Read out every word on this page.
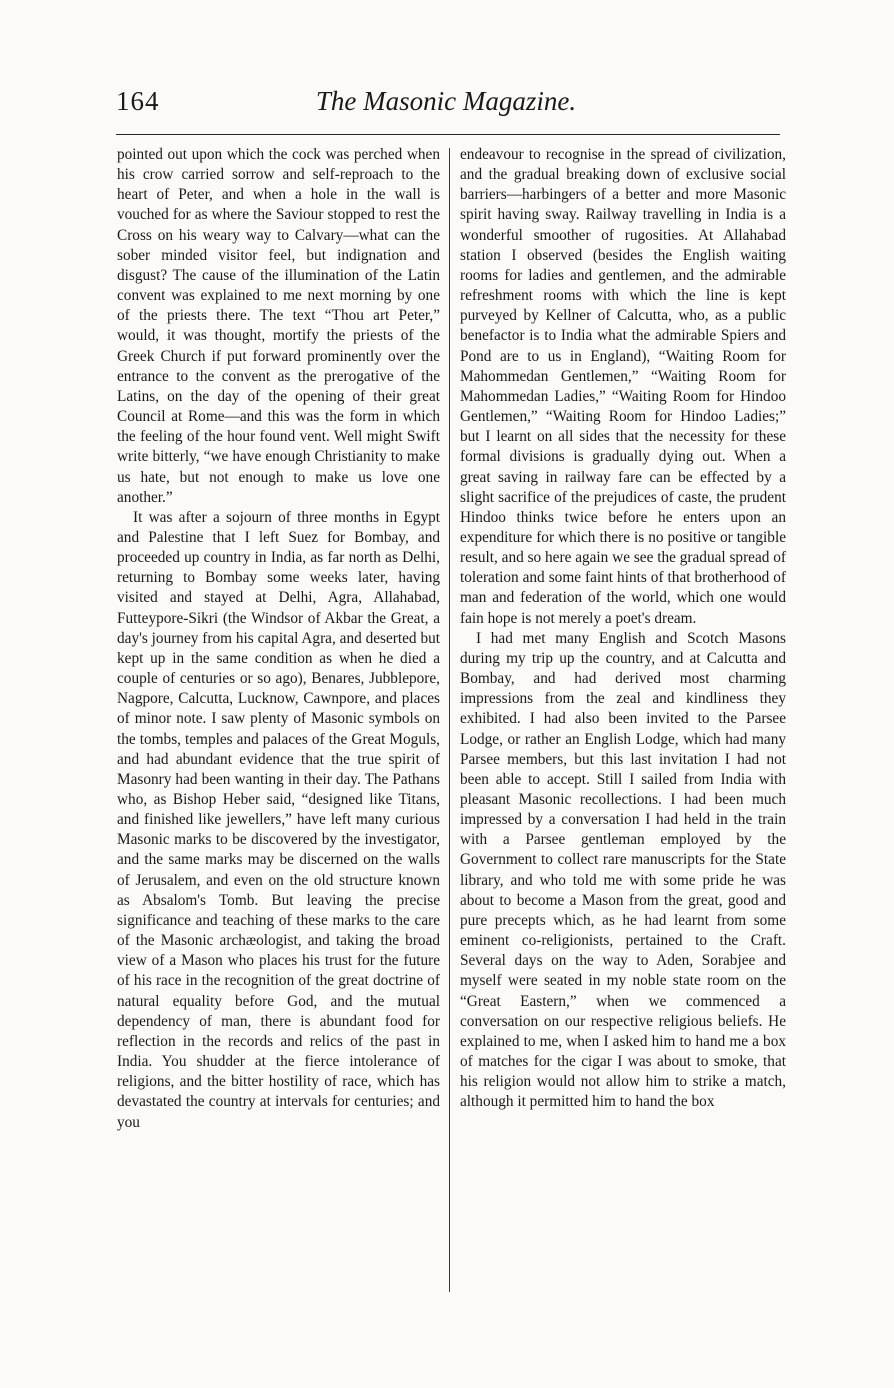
164	The Masonic Magazine.

pointed out upon which the cock was perched when his crow carried sorrow and self-reproach to the heart of Peter, and when a hole in the wall is vouched for as where the Saviour stopped to rest the Cross on his weary way to Calvary—what can the sober minded visitor feel, but indignation and disgust? The cause of the illumination of the Latin convent was explained to me next morning by one of the priests there. The text “Thou art Peter,” would, it was thought, mortify the priests of the Greek Church if put forward prominently over the entrance to the convent as the prerogative of the Latins, on the day of the opening of their great Council at Rome—and this was the form in which the feeling of the hour found vent. Well might Swift write bitterly, “we have enough Christianity to make us hate, but not enough to make us love one another.”

It was after a sojourn of three months in Egypt and Palestine that I left Suez for Bombay, and proceeded up country in India, as far north as Delhi, returning to Bombay some weeks later, having visited and stayed at Delhi, Agra, Allahabad, Futteypore-Sikri (the Windsor of Akbar the Great, a day's journey from his capital Agra, and deserted but kept up in the same condition as when he died a couple of centuries or so ago), Benares, Jubblepore, Nagpore, Calcutta, Lucknow, Cawnpore, and places of minor note. I saw plenty of Masonic symbols on the tombs, temples and palaces of the Great Moguls, and had abundant evidence that the true spirit of Masonry had been wanting in their day. The Pathans who, as Bishop Heber said, “designed like Titans, and finished like jewellers,” have left many curious Masonic marks to be discovered by the investigator, and the same marks may be discerned on the walls of Jerusalem, and even on the old structure known as Absalom's Tomb. But leaving the precise significance and teaching of these marks to the care of the Masonic archæologist, and taking the broad view of a Mason who places his trust for the future of his race in the recognition of the great doctrine of natural equality before God, and the mutual dependency of man, there is abundant food for reflection in the records and relics of the past in India. You shudder at the fierce intolerance of religions, and the bitter hostility of race, which has devastated the country at intervals for centuries; and you

endeavour to recognise in the spread of civilization, and the gradual breaking down of exclusive social barriers—harbingers of a better and more Masonic spirit having sway. Railway travelling in India is a wonderful smoother of rugosities. At Allahabad station I observed (besides the English waiting rooms for ladies and gentlemen, and the admirable refreshment rooms with which the line is kept purveyed by Kellner of Calcutta, who, as a public benefactor is to India what the admirable Spiers and Pond are to us in England), “Waiting Room for Mahommedan Gentlemen,” “Waiting Room for Mahommedan Ladies,” “Waiting Room for Hindoo Gentlemen,” “Waiting Room for Hindoo Ladies;” but I learnt on all sides that the necessity for these formal divisions is gradually dying out. When a great saving in railway fare can be effected by a slight sacrifice of the prejudices of caste, the prudent Hindoo thinks twice before he enters upon an expenditure for which there is no positive or tangible result, and so here again we see the gradual spread of toleration and some faint hints of that brotherhood of man and federation of the world, which one would fain hope is not merely a poet's dream.

I had met many English and Scotch Masons during my trip up the country, and at Calcutta and Bombay, and had derived most charming impressions from the zeal and kindliness they exhibited. I had also been invited to the Parsee Lodge, or rather an English Lodge, which had many Parsee members, but this last invitation I had not been able to accept. Still I sailed from India with pleasant Masonic recollections. I had been much impressed by a conversation I had held in the train with a Parsee gentleman employed by the Government to collect rare manuscripts for the State library, and who told me with some pride he was about to become a Mason from the great, good and pure precepts which, as he had learnt from some eminent co-religionists, pertained to the Craft. Several days on the way to Aden, Sorabjee and myself were seated in my noble state room on the “Great Eastern,” when we commenced a conversation on our respective religious beliefs. He explained to me, when I asked him to hand me a box of matches for the cigar I was about to smoke, that his religion would not allow him to strike a match, although it permitted him to hand the box
